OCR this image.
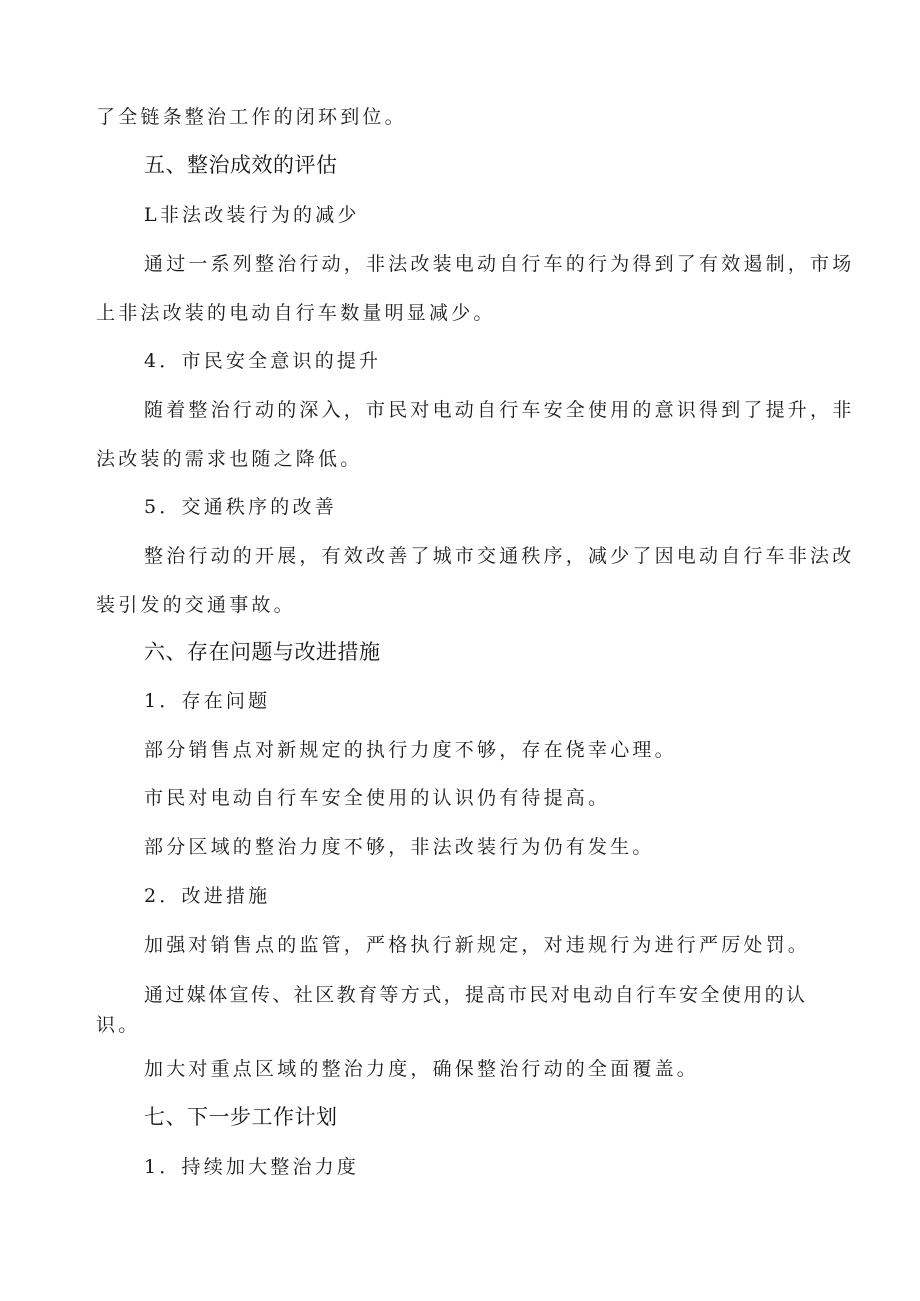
了全链条整治工作的闭环到位。
五、整治成效的评估
L非法改装行为的减少
通过一系列整治行动，非法改装电动自行车的行为得到了有效遏制，市场
上非法改装的电动自行车数量明显减少。
4．市民安全意识的提升
随着整治行动的深入，市民对电动自行车安全使用的意识得到了提升，非
法改装的需求也随之降低。
5．交通秩序的改善
整治行动的开展，有效改善了城市交通秩序，减少了因电动自行车非法改
装引发的交通事故。
六、存在问题与改进措施
1．存在问题
部分销售点对新规定的执行力度不够，存在侥幸心理。
市民对电动自行车安全使用的认识仍有待提高。
部分区域的整治力度不够，非法改装行为仍有发生。
2．改进措施
加强对销售点的监管，严格执行新规定，对违规行为进行严厉处罚。
通过媒体宣传、社区教育等方式，提高市民对电动自行车安全使用的认
识。
加大对重点区域的整治力度，确保整治行动的全面覆盖。
七、下一步工作计划
1．持续加大整治力度
